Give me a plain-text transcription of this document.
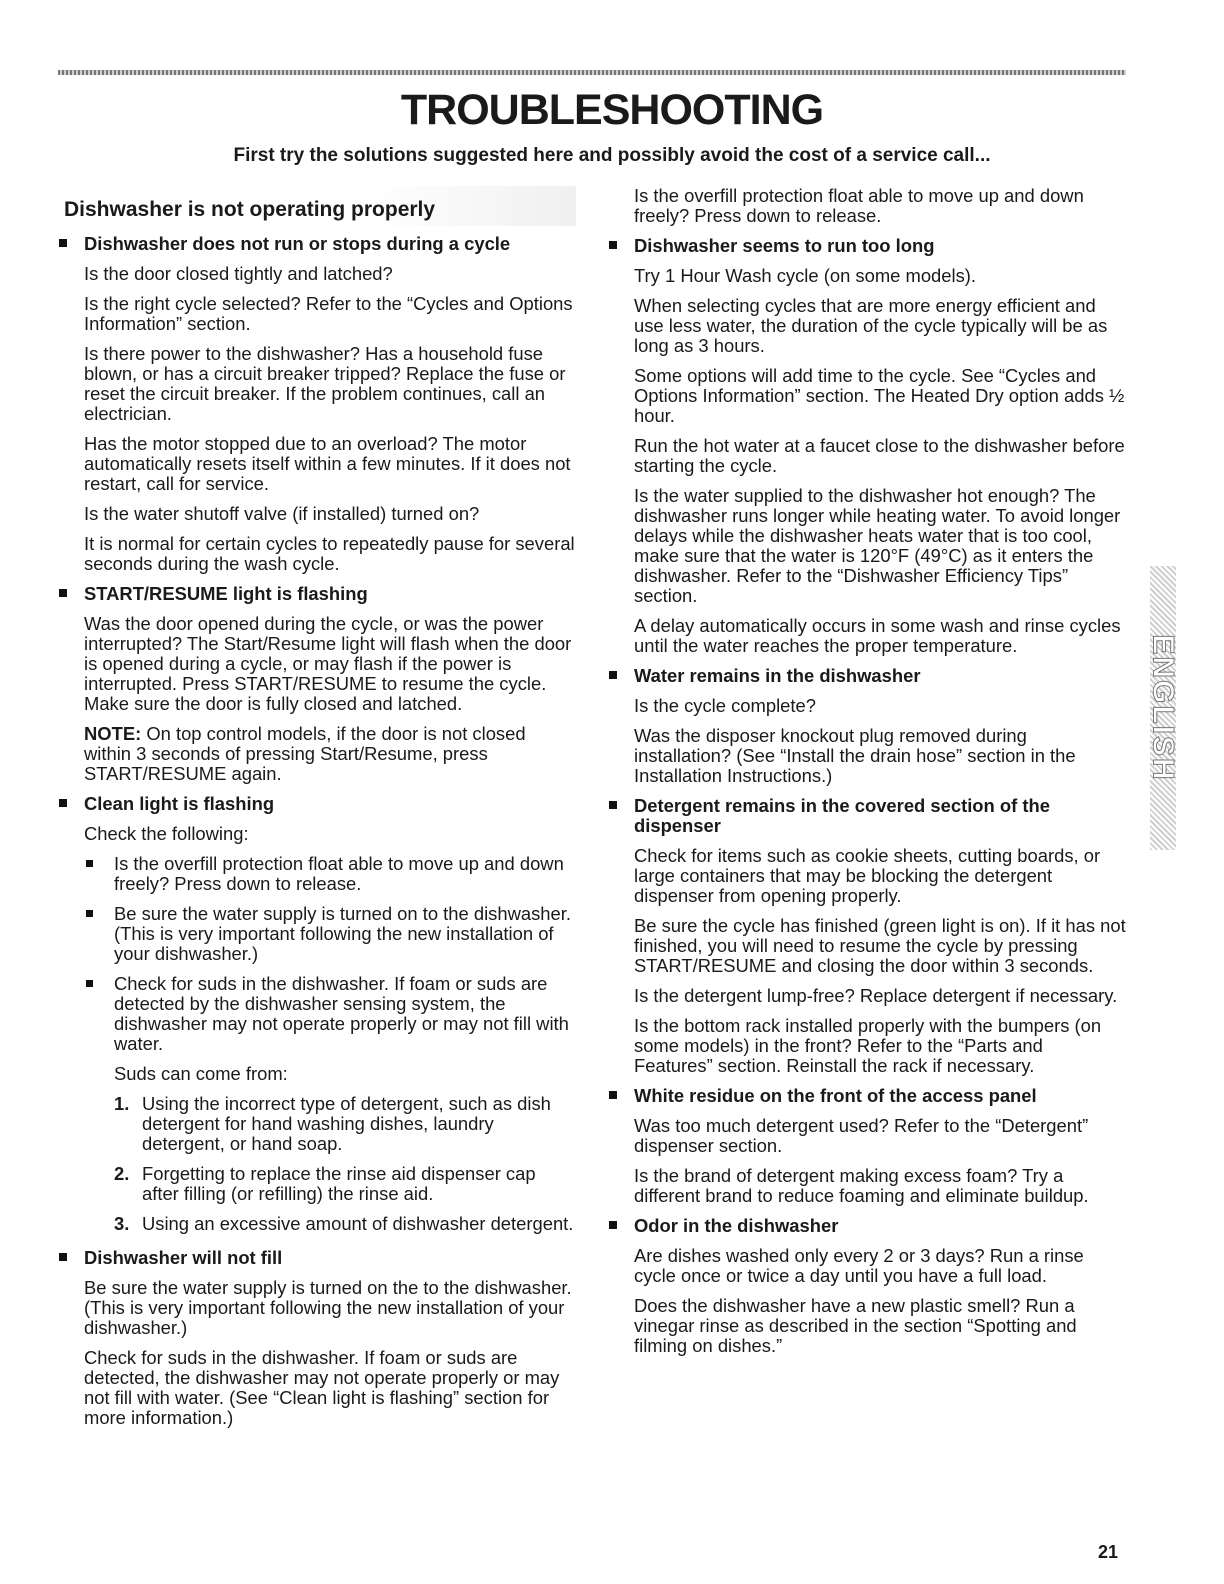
TROUBLESHOOTING
First try the solutions suggested here and possibly avoid the cost of a service call...
Dishwasher is not operating properly
Dishwasher does not run or stops during a cycle
Is the door closed tightly and latched?
Is the right cycle selected? Refer to the “Cycles and Options Information” section.
Is there power to the dishwasher? Has a household fuse blown, or has a circuit breaker tripped? Replace the fuse or reset the circuit breaker. If the problem continues, call an electrician.
Has the motor stopped due to an overload? The motor automatically resets itself within a few minutes. If it does not restart, call for service.
Is the water shutoff valve (if installed) turned on?
It is normal for certain cycles to repeatedly pause for several seconds during the wash cycle.
START/RESUME light is flashing
Was the door opened during the cycle, or was the power interrupted? The Start/Resume light will flash when the door is opened during a cycle, or may flash if the power is interrupted. Press START/RESUME to resume the cycle. Make sure the door is fully closed and latched.
NOTE: On top control models, if the door is not closed within 3 seconds of pressing Start/Resume, press START/RESUME again.
Clean light is flashing
Check the following:
Is the overfill protection float able to move up and down freely? Press down to release.
Be sure the water supply is turned on to the dishwasher. (This is very important following the new installation of your dishwasher.)
Check for suds in the dishwasher. If foam or suds are detected by the dishwasher sensing system, the dishwasher may not operate properly or may not fill with water.
Suds can come from:
1. Using the incorrect type of detergent, such as dish detergent for hand washing dishes, laundry detergent, or hand soap.
2. Forgetting to replace the rinse aid dispenser cap after filling (or refilling) the rinse aid.
3. Using an excessive amount of dishwasher detergent.
Dishwasher will not fill
Be sure the water supply is turned on the to the dishwasher. (This is very important following the new installation of your dishwasher.)
Check for suds in the dishwasher. If foam or suds are detected, the dishwasher may not operate properly or may not fill with water. (See “Clean light is flashing” section for more information.)
Is the overfill protection float able to move up and down freely? Press down to release.
Dishwasher seems to run too long
Try 1 Hour Wash cycle (on some models).
When selecting cycles that are more energy efficient and use less water, the duration of the cycle typically will be as long as 3 hours.
Some options will add time to the cycle. See “Cycles and Options Information” section. The Heated Dry option adds ½ hour.
Run the hot water at a faucet close to the dishwasher before starting the cycle.
Is the water supplied to the dishwasher hot enough? The dishwasher runs longer while heating water. To avoid longer delays while the dishwasher heats water that is too cool, make sure that the water is 120°F (49°C) as it enters the dishwasher. Refer to the “Dishwasher Efficiency Tips” section.
A delay automatically occurs in some wash and rinse cycles until the water reaches the proper temperature.
Water remains in the dishwasher
Is the cycle complete?
Was the disposer knockout plug removed during installation? (See “Install the drain hose” section in the Installation Instructions.)
Detergent remains in the covered section of the dispenser
Check for items such as cookie sheets, cutting boards, or large containers that may be blocking the detergent dispenser from opening properly.
Be sure the cycle has finished (green light is on). If it has not finished, you will need to resume the cycle by pressing START/RESUME and closing the door within 3 seconds.
Is the detergent lump-free? Replace detergent if necessary.
Is the bottom rack installed properly with the bumpers (on some models) in the front? Refer to the “Parts and Features” section. Reinstall the rack if necessary.
White residue on the front of the access panel
Was too much detergent used? Refer to the “Detergent” dispenser section.
Is the brand of detergent making excess foam? Try a different brand to reduce foaming and eliminate buildup.
Odor in the dishwasher
Are dishes washed only every 2 or 3 days? Run a rinse cycle once or twice a day until you have a full load.
Does the dishwasher have a new plastic smell? Run a vinegar rinse as described in the section “Spotting and filming on dishes.”
ENGLISH
21
